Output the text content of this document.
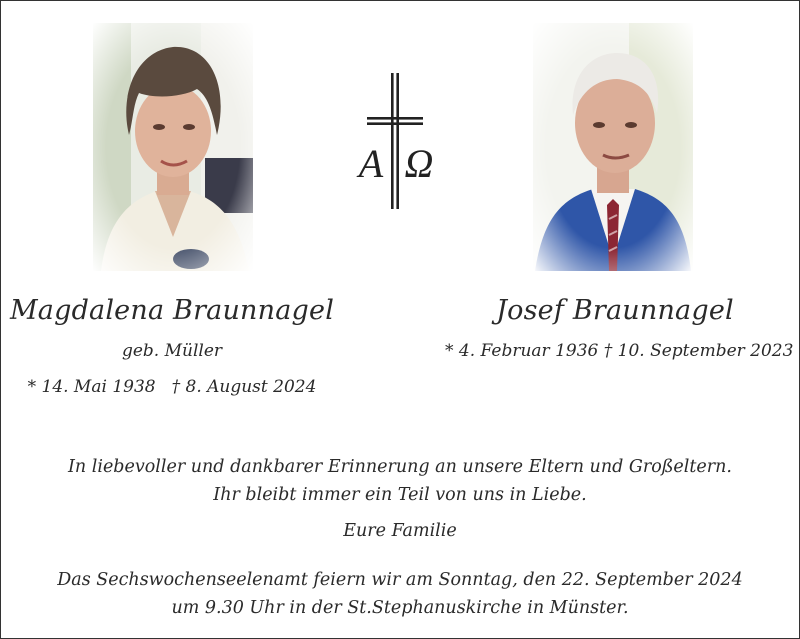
A Ω
Magdalena Braunnagel
geb. Müller
* 14. Mai 1938 † 8. August 2024
Josef Braunnagel
* 4. Februar 1936 † 10. September 2023
In liebevoller und dankbarer Erinnerung an unsere Eltern und Großeltern.
Ihr bleibt immer ein Teil von uns in Liebe.
Eure Familie
Das Sechswochenseelenamt feiern wir am Sonntag, den 22. September 2024
um 9.30 Uhr in der St.Stephanuskirche in Münster.
